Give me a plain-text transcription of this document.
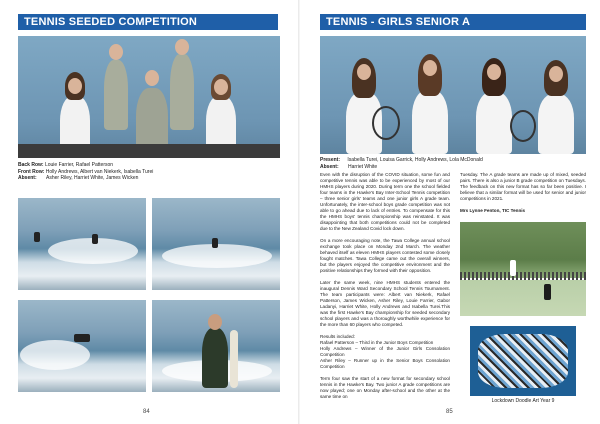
TENNIS SEEDED COMPETITION
Back Row: Louie Farrier, Rafael Patterson
Front Row: Holly Andrews, Albert van Niekerk, Isabella Turei
Absent: Asher Riley, Harriet White, James Wicken
84
TENNIS - GIRLS SENIOR A
Present: Isabella Turei, Louisa Garrick, Holly Andrews, Lola McDonald
Absent: Harriet White

Even with the disruption of the COVID situation, some fun and competitive tennis was able to be experienced by most of our HMHS players during 2020. During term one the school fielded four teams in the Hawke's Bay Inter-School Tennis competition – three senior girls' teams and one junior girls A grade team. Unfortunately, the inter-school boys grade competition was not able to go ahead due to lack of entries. To compensate for this the HMHS boys' tennis championship was reinstated. It was disappointing that both competitions could not be completed due to the New Zealand Covid lock down.

On a more encouraging note, the Tawa College annual school exchange took place on Monday 2nd March. The weather behaved itself as eleven HMHS players contested some closely fought matches. Tawa College came out the overall winners, but the players enjoyed the competitive environment and the positive relationships they formed with their opposition.

Later the same week, nine HMHS students entered the inaugural Dennis Ward Secondary School Tennis Tournament. The team participants were: Albert van Niekerk, Rafael Patterson, James Wicken, Asher Riley, Louie Farrier, Gabor Ladanyi, Harriet White, Holly Andrews and Isabella Turei.This was the first Hawke's Bay championship for seeded secondary school players and was a thoroughly worthwhile experience for the more than 60 players who competed.

Results included:
Rafael Patterson – Third in the Junior Boys Competition
Holly Andrews – Winner of the Junior Girls Consolation Competition
Asher Riley – Runner up in the Senior Boys Consolation Competition

Term four saw the start of a new format for secondary school tennis in the Hawke's Bay. Two junior A grade competitions are now played; one on Monday after-school and the other at the same time on

Tuesday. The A grade teams are made up of mixed, seeded pairs. There is also a junior B grade competition on Tuesdays. The feedback on this new format has so far been positive. I believe that a similar format will be used for senior and junior competitions in 2021.

Mrs Lynne Fenton, TIC Tennis
Lockdown Doodle Art Year 9
85
